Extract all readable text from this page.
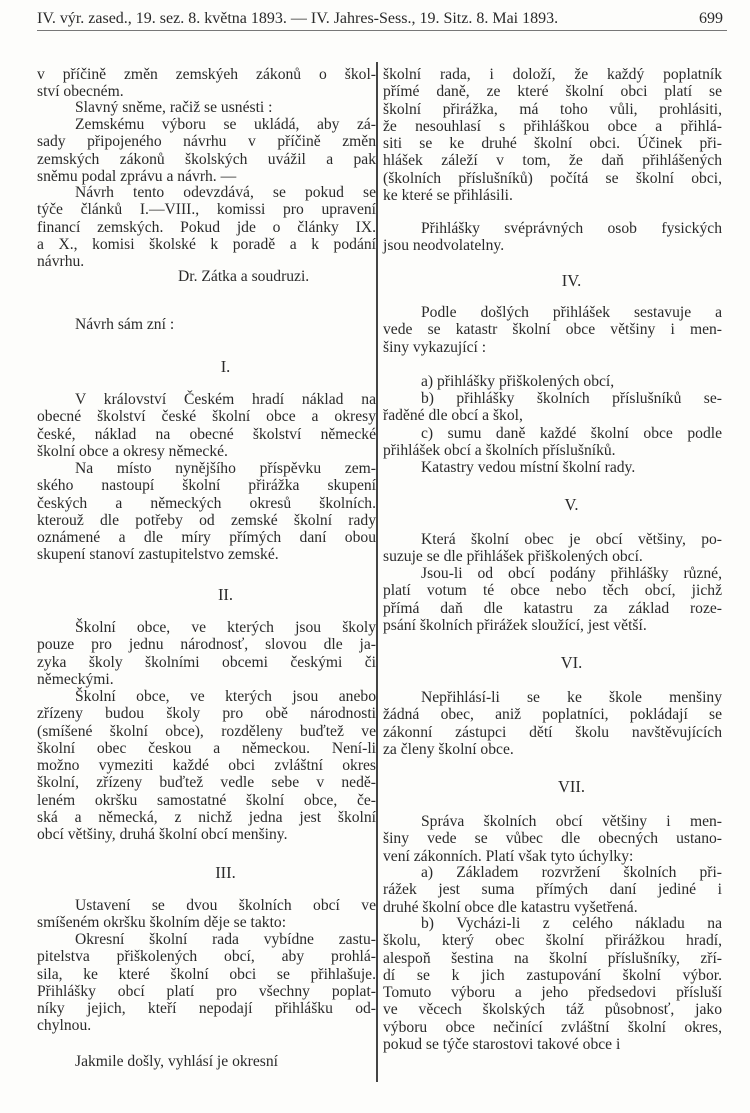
IV. výr. zased., 19. sez. 8. května 1893. — IV. Jahres-Sess., 19. Sitz. 8. Mai 1893.	699
v příčině změn zemskýeh zákonů o škol-
ství obecném.
Slavný sněme, račiž se usnésti :
Zemskému výboru se ukládá, aby zá-
sady připojeného návrhu v příčině změn
zemských zákonů školských uvážil a pak
sněmu podal zprávu a návrh. —
Návrh tento odevzdává, se pokud se
týče článků I.—VIII., komissi pro upravení
financí zemských. Pokud jde o články IX.
a X., komisi školské k poradě a k podání
návrhu.
Dr. Zátka a soudruzi.
Návrh sám zní :
I.
V království Českém hradí náklad na
obecné školství české školní obce a okresy
české, náklad na obecné školství německé
školní obce a okresy německé.
Na místo nynějšího příspěvku zem-
ského nastoupí školní přirážka skupení
českých a německých okresů školních.
kterouž dle potřeby od zemské školní rady
oznámené a dle míry přímých daní obou
skupení stanoví zastupitelstvo zemské.
II.
Školní obce, ve kterých jsou školy
pouze pro jednu národnosť, slovou dle ja-
zyka školy školními obcemi českými či
německými.
Školní obce, ve kterých jsou anebo
zřízeny budou školy pro obě národnosti
(smíšené školní obce), rozděleny buďtež ve
školní obec českou a německou. Není-li
možno vymeziti každé obci zvláštní okres
školní, zřízeny buďtež vedle sebe v nedě-
leném okršku samostatné školní obce, če-
ská a německá, z nichž jedna jest školní
obcí většiny, druhá školní obcí menšiny.
III.
Ustavení se dvou školních obcí ve
smíšeném okršku školním děje se takto:
Okresní školní rada vybídne zastu-
pitelstva přiškolených obcí, aby prohlá-
sila, ke které školní obci se přihlašuje.
Přihlášky obcí platí pro všechny poplat-
níky jejich, kteří nepodají přihlášku od-
chylnou.
Jakmile došly, vyhlásí je okresní
školní rada, i doloží, že každý poplatník
přímé daně, ze které školní obci platí se
školní přirážka, má toho vůli, prohlásiti,
že nesouhlasí s přihláškou obce a přihlá-
siti se ke druhé školní obci. Účinek při-
hlášek záleží v tom, že daň přihlášených
(školních příslušníků) počítá se školní obci,
ke které se přihlásili.
Přihlášky svéprávných osob fysických
jsou neodvolatelny.
IV.
Podle došlých přihlášek sestavuje a
vede se katastr školní obce většiny i men-
šiny vykazující :
a) přihlášky přiškolených obcí,
b) přihlášky školních příslušníků se-
řaděné dle obcí a škol,
c) sumu daně každé školní obce podle
přihlášek obcí a školních příslušníků.
Katastry vedou místní školní rady.
V.
Která školní obec je obcí většiny, po-
suzuje se dle přihlášek přiškolených obcí.
Jsou-li od obcí podány přihlášky různé,
platí votum té obce nebo těch obcí, jichž
přímá daň dle katastru za základ roze-
psání školních přirážek sloužící, jest větší.
VI.
Nepřihlásí-li se ke škole menšiny
žádná obec, aniž poplatníci, pokládají se
zákonní zástupci dětí školu navštěvujících
za členy školní obce.
VII.
Správa školních obcí většiny i men-
šiny vede se vůbec dle obecných ustano-
vení zákonních. Platí však tyto úchylky:
a) Základem rozvržení školních při-
rážek jest suma přímých daní jediné i
druhé školní obce dle katastru vyšetřená.
b) Vycházi-li z celého nákladu na
školu, který obec školní přirážkou hradí,
alespoň šestina na školní příslušníky, zří-
dí se k jich zastupování školní výbor.
Tomuto výboru a jeho předsedovi přísluší
ve věcech školských táž působnosť, jako
výboru obce nečinící zvláštní školní okres,
pokud se týče starostovi takové obce i
